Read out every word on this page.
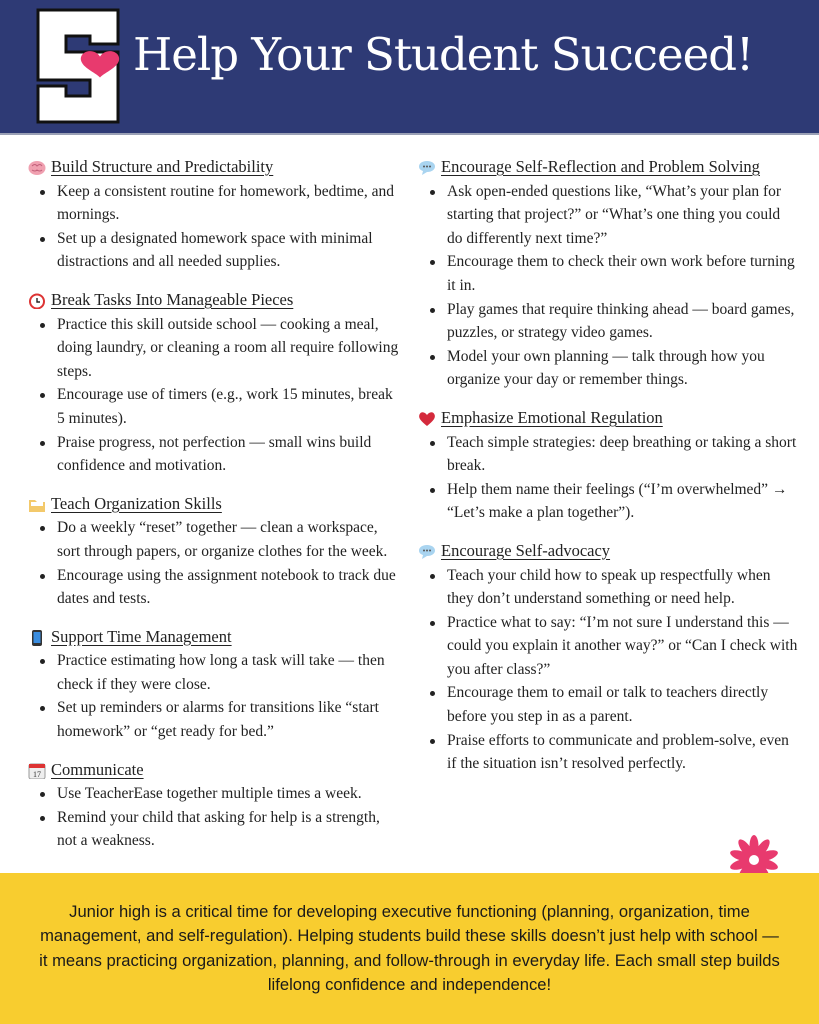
Help Your Student Succeed!
Build Structure and Predictability
Keep a consistent routine for homework, bedtime, and mornings.
Set up a designated homework space with minimal distractions and all needed supplies.
Break Tasks Into Manageable Pieces
Practice this skill outside school — cooking a meal, doing laundry, or cleaning a room all require following steps.
Encourage use of timers (e.g., work 15 minutes, break 5 minutes).
Praise progress, not perfection — small wins build confidence and motivation.
Teach Organization Skills
Do a weekly “reset” together — clean a workspace, sort through papers, or organize clothes for the week.
Encourage using the assignment notebook to track due dates and tests.
Support Time Management
Practice estimating how long a task will take — then check if they were close.
Set up reminders or alarms for transitions like “start homework” or “get ready for bed.”
17 Communicate
Use TeacherEase together multiple times a week.
Remind your child that asking for help is a strength, not a weakness.
Encourage Self-Reflection and Problem Solving
Ask open-ended questions like, “What’s your plan for starting that project?” or “What’s one thing you could do differently next time?”
Encourage them to check their own work before turning it in.
Play games that require thinking ahead — board games, puzzles, or strategy video games.
Model your own planning — talk through how you organize your day or remember things.
Emphasize Emotional Regulation
Teach simple strategies: deep breathing or taking a short break.
Help them name their feelings (“I’m overwhelmed” → “Let’s make a plan together”).
Encourage Self-advocacy
Teach your child how to speak up respectfully when they don’t understand something or need help.
Practice what to say: “I’m not sure I understand this — could you explain it another way?” or “Can I check with you after class?”
Encourage them to email or talk to teachers directly before you step in as a parent.
Praise efforts to communicate and problem-solve, even if the situation isn’t resolved perfectly.

Junior high is a critical time for developing executive functioning (planning, organization, time management, and self-regulation). Helping students build these skills doesn’t just help with school — it means practicing organization, planning, and follow-through in everyday life. Each small step builds lifelong confidence and independence!
